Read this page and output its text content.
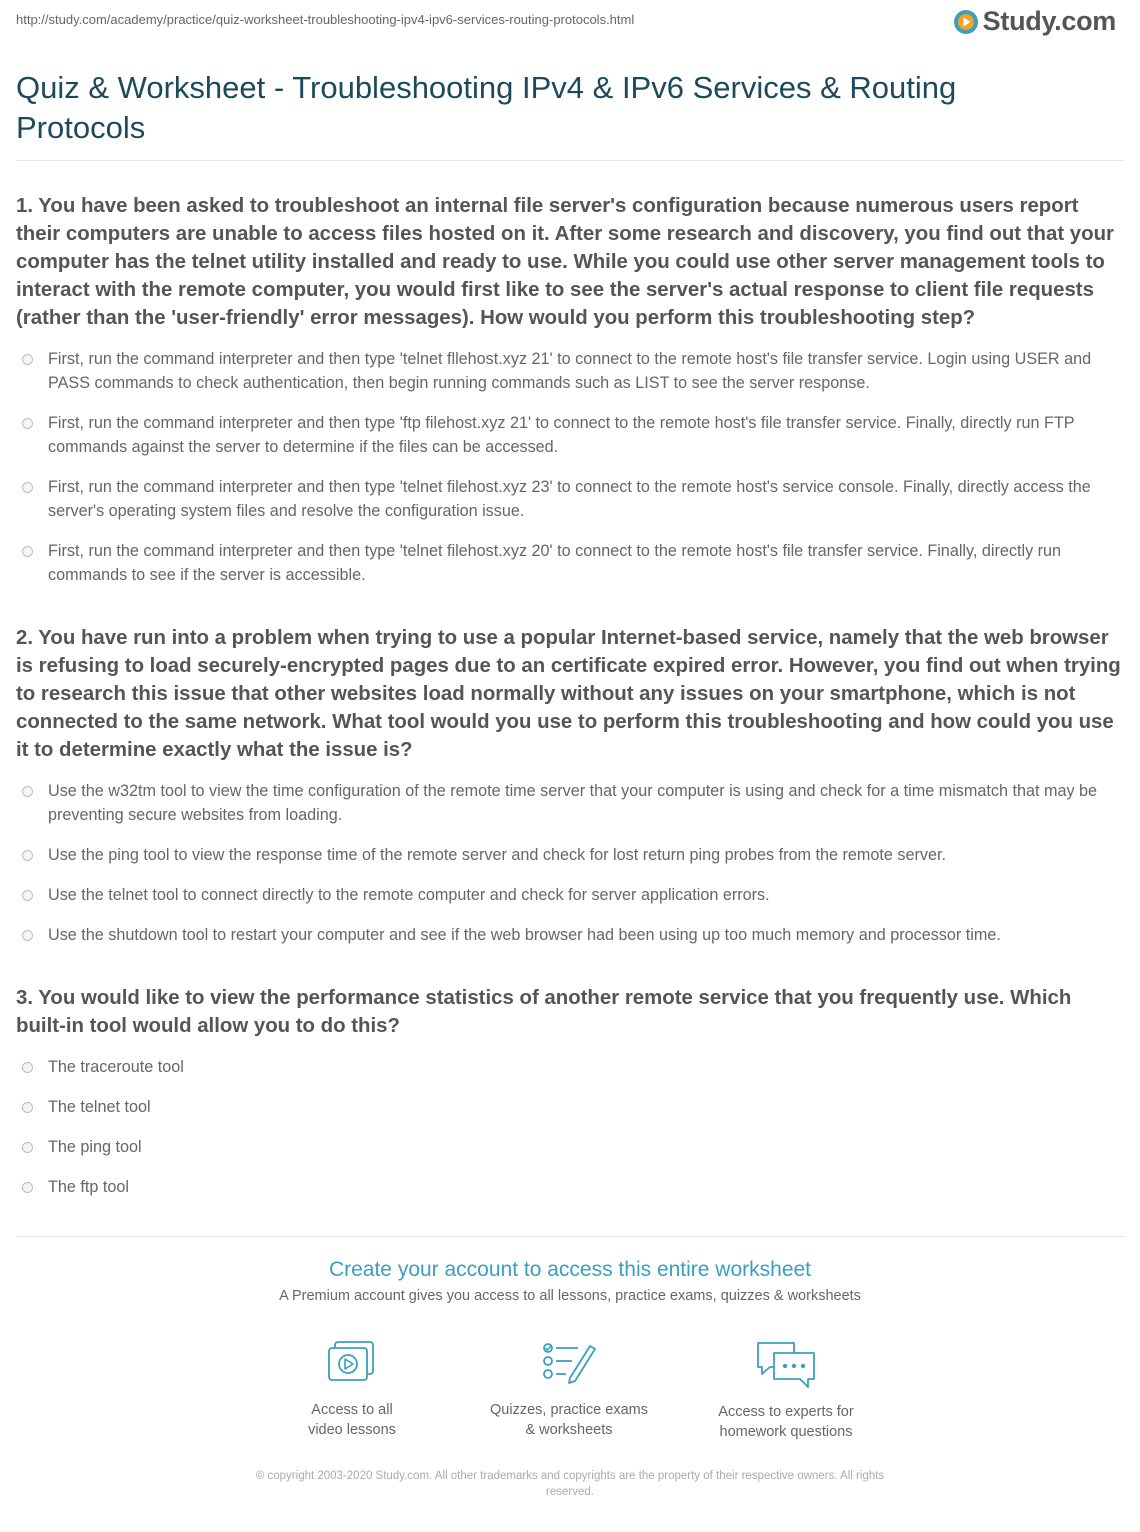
http://study.com/academy/practice/quiz-worksheet-troubleshooting-ipv4-ipv6-services-routing-protocols.html	Study.com
Quiz & Worksheet - Troubleshooting IPv4 & IPv6 Services & Routing Protocols

1. You have been asked to troubleshoot an internal file server's configuration because numerous users report their computers are unable to access files hosted on it. After some research and discovery, you find out that your computer has the telnet utility installed and ready to use. While you could use other server management tools to interact with the remote computer, you would first like to see the server's actual response to client file requests (rather than the 'user-friendly' error messages). How would you perform this troubleshooting step?

First, run the command interpreter and then type 'telnet fllehost.xyz 21' to connect to the remote host's file transfer service. Login using USER and PASS commands to check authentication, then begin running commands such as LIST to see the server response.
First, run the command interpreter and then type 'ftp filehost.xyz 21' to connect to the remote host's file transfer service. Finally, directly run FTP commands against the server to determine if the files can be accessed.
First, run the command interpreter and then type 'telnet filehost.xyz 23' to connect to the remote host's service console. Finally, directly access the server's operating system files and resolve the configuration issue.
First, run the command interpreter and then type 'telnet filehost.xyz 20' to connect to the remote host's file transfer service. Finally, directly run commands to see if the server is accessible.

2. You have run into a problem when trying to use a popular Internet-based service, namely that the web browser is refusing to load securely-encrypted pages due to an certificate expired error. However, you find out when trying to research this issue that other websites load normally without any issues on your smartphone, which is not connected to the same network. What tool would you use to perform this troubleshooting and how could you use it to determine exactly what the issue is?

Use the w32tm tool to view the time configuration of the remote time server that your computer is using and check for a time mismatch that may be preventing secure websites from loading.
Use the ping tool to view the response time of the remote server and check for lost return ping probes from the remote server.
Use the telnet tool to connect directly to the remote computer and check for server application errors.
Use the shutdown tool to restart your computer and see if the web browser had been using up too much memory and processor time.

3. You would like to view the performance statistics of another remote service that you frequently use. Which built-in tool would allow you to do this?

The traceroute tool
The telnet tool
The ping tool
The ftp tool
Create your account to access this entire worksheet
A Premium account gives you access to all lessons, practice exams, quizzes & worksheets
Access to all
video lessons
Quizzes, practice exams
& worksheets
Access to experts for
homework questions
© copyright 2003-2020 Study.com. All other trademarks and copyrights are the property of their respective owners. All rights
reserved.
